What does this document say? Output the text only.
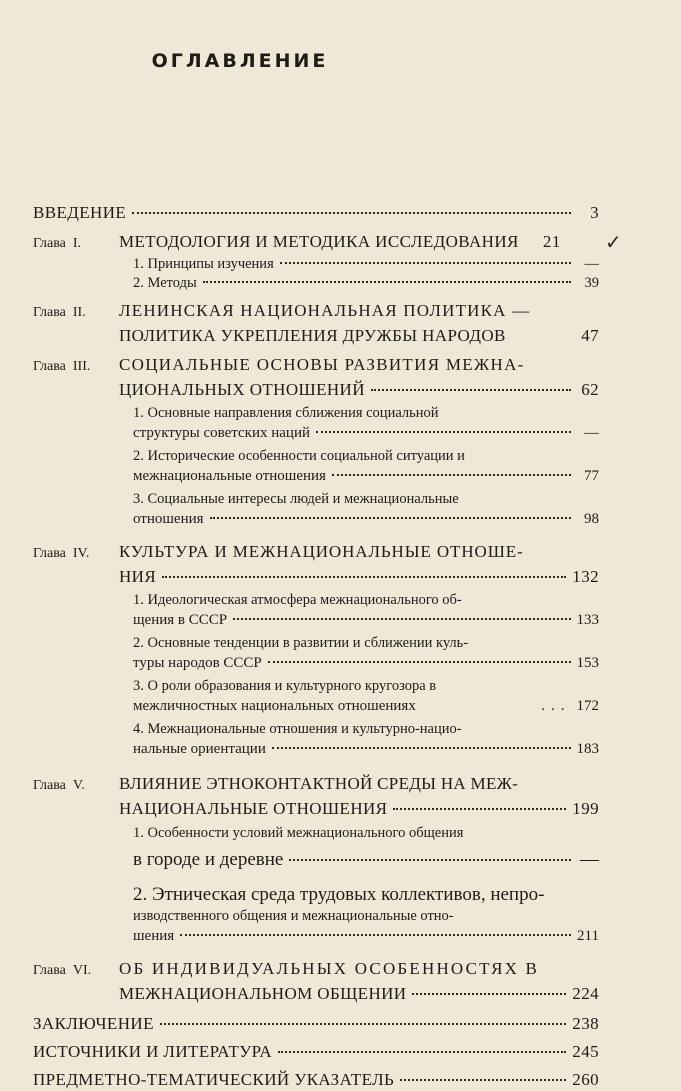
ОГЛАВЛЕНИЕ
✓
ВВЕДЕНИЕ	3
Глава I.	МЕТОДОЛОГИЯ И МЕТОДИКА ИССЛЕДОВАНИЯ 21
1. Принципы изучения	—
2. Методы	39
Глава II.	ЛЕНИНСКАЯ НАЦИОНАЛЬНАЯ ПОЛИТИКА —
ПОЛИТИКА УКРЕПЛЕНИЯ ДРУЖБЫ НАРОДОВ	47
Глава III.	СОЦИАЛЬНЫЕ ОСНОВЫ РАЗВИТИЯ МЕЖНА-
ЦИОНАЛЬНЫХ ОТНОШЕНИЙ	62
1. Основные направления сближения социальной
структуры советских наций	—
2. Исторические особенности социальной ситуации и
межнациональные отношения	77
3. Социальные интересы людей и межнациональные
отношения	98
Глава IV.	КУЛЬТУРА И МЕЖНАЦИОНАЛЬНЫЕ ОТНОШЕ-
НИЯ	132
1. Идеологическая атмосфера межнационального об-
щения в СССР	133
2. Основные тенденции в развитии и сближении куль-
туры народов СССР	153
3. О роли образования и культурного кругозора в
межличностных национальных отношениях	... 172
4. Межнациональные отношения и культурно-нацио-
нальные ориентации	183
Глава V.	ВЛИЯНИЕ ЭТНОКОНТАКТНОЙ СРЕДЫ НА МЕЖ-
НАЦИОНАЛЬНЫЕ ОТНОШЕНИЯ	199
1. Особенности условий межнационального общения
в городе и деревне	—
2. Этническая среда трудовых коллективов, непро-
изводственного общения и межнациональные отно-
шения	211
Глава VI.	ОБ ИНДИВИДУАЛЬНЫХ ОСОБЕННОСТЯХ В
МЕЖНАЦИОНАЛЬНОМ ОБЩЕНИИ	224
ЗАКЛЮЧЕНИЕ	238
ИСТОЧНИКИ И ЛИТЕРАТУРА	245
ПРЕДМЕТНО-ТЕМАТИЧЕСКИЙ УКАЗАТЕЛЬ	260
